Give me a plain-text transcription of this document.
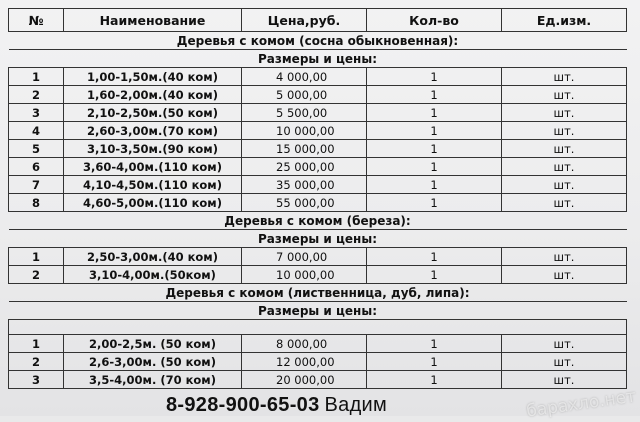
№	Наименование	Цена,руб.	Кол-во	Ед.изм.
Деревья с комом (сосна обыкновенная):				
Размеры и цены:				
1	1,00-1,50м.(40 ком)	4 000,00	1	шт.
2	1,60-2,00м.(40 ком)	5 000,00	1	шт.
3	2,10-2,50м.(50 ком)	5 500,00	1	шт.
4	2,60-3,00м.(70 ком)	10 000,00	1	шт.
5	3,10-3,50м.(90 ком)	15 000,00	1	шт.
6	3,60-4,00м.(110 ком)	25 000,00	1	шт.
7	4,10-4,50м.(110 ком)	35 000,00	1	шт.
8	4,60-5,00м.(110 ком)	55 000,00	1	шт.
Деревья с комом (береза):				
Размеры и цены:				
1	2,50-3,00м.(40 ком)	7 000,00	1	шт.
2	3,10-4,00м.(50ком)	10 000,00	1	шт.
Деревья с комом (лиственница, дуб, липа):				
Размеры и цены:				

1	2,00-2,5м. (50 ком)	8 000,00	1	шт.
2	2,6-3,00м. (50 ком)	12 000,00	1	шт.
3	3,5-4,00м. (70 ком)	20 000,00	1	шт.
8-928-900-65-03 Вадим	барахло.нет
